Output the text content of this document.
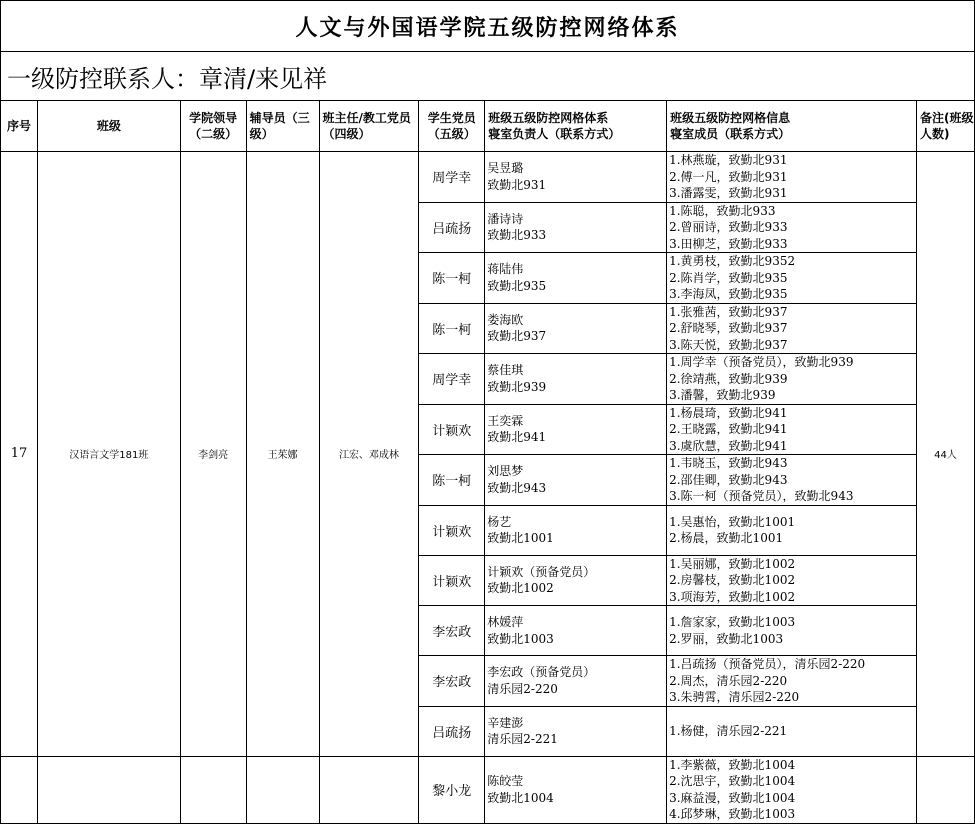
人文与外国语学院五级防控网络体系								
一级防控联系人：章清/来见祥								
序号	班级	学院领导（二级）	辅导员（三级）	班主任/教工党员（四级）	学生党员（五级）	班级五级防控网格体系
寝室负责人（联系方式）	班级五级防控网格信息
寝室成员（联系方式）	备注(班级人数)
17	汉语言文学181班	李剑亮	王茱娜	江宏、邓成林	周学幸	吴昱璐
致勤北931	1.林燕璇，致勤北931
2.傅一凡，致勤北931
3.潘露雯，致勤北931	44人
					吕疏扬	潘诗诗
致勤北933	1.陈聪，致勤北933
2.曾丽诗，致勤北933
3.田柳芝，致勤北933	

					陈一柯	蒋陆伟
致勤北935	1.黄勇枝，致勤北9352
2.陈肖学，致勤北935
3.李海凤，致勤北935	

					陈一柯	娄海欧
致勤北937	1.张雅茜，致勤北937
2.舒晓琴，致勤北937
3.陈天悦，致勤北937	

					周学幸	蔡佳琪
致勤北939	1.周学幸（预备党员），致勤北939
2.徐靖燕，致勤北939
3.潘馨，致勤北939	

					计颖欢	王奕霖
致勤北941	1.杨晨琦，致勤北941
2.王晓露，致勤北941
3.虞欣慧，致勤北941	

					陈一柯	刘思梦
致勤北943	1.韦晓玉，致勤北943
2.邵佳卿，致勤北943
3.陈一柯（预备党员），致勤北943	

					计颖欢	杨艺
致勤北1001	1.吴惠怡，致勤北1001
2.杨晨，致勤北1001	

					计颖欢	计颖欢（预备党员）
致勤北1002	1.吴丽娜，致勤北1002
2.房馨枝，致勤北1002
3.项海芳，致勤北1002	

					李宏政	林媛萍
致勤北1003	1.詹家家，致勤北1003
2.罗丽，致勤北1003	

					李宏政	李宏政（预备党员）
清乐园2-220	1.吕疏扬（预备党员），清乐园2-220
2.周杰，清乐园2-220
3.朱骋霄，清乐园2-220	

					吕疏扬	辛建澎
清乐园2-221	1.杨健，清乐园2-221	

					黎小龙	陈皎莹
致勤北1004	1.李紫薇，致勤北1004
2.沈思宇，致勤北1004
3.麻益漫，致勤北1004
4.邱梦琳，致勤北1003	
